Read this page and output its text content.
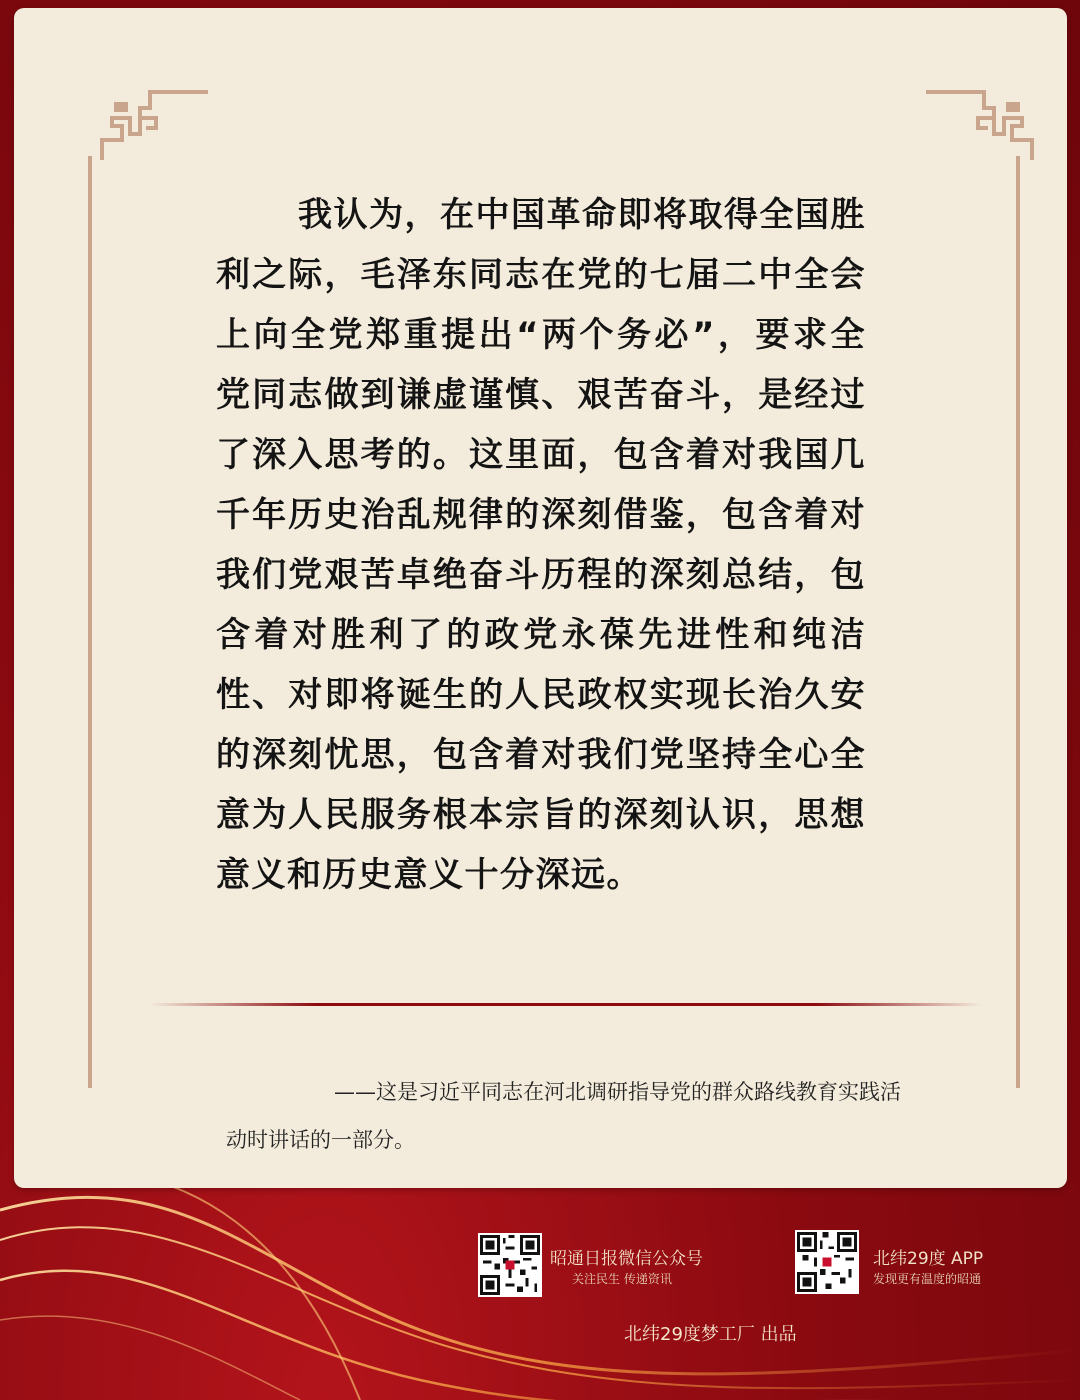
我认为，在中国革命即将取得全国胜利之际，毛泽东同志在党的七届二中全会上向全党郑重提出“两个务必”，要求全党同志做到谦虚谨慎、艰苦奋斗，是经过了深入思考的。这里面，包含着对我国几千年历史治乱规律的深刻借鉴，包含着对我们党艰苦卓绝奋斗历程的深刻总结，包含着对胜利了的政党永葆先进性和纯洁性、对即将诞生的人民政权实现长治久安的深刻忧思，包含着对我们党坚持全心全意为人民服务根本宗旨的深刻认识，思想意义和历史意义十分深远。

——这是习近平同志在河北调研指导党的群众路线教育实践活动时讲话的一部分。

昭通日报微信公众号
关注民生 传递资讯
北纬29度 APP
发现更有温度的昭通
北纬29度梦工厂 出品
